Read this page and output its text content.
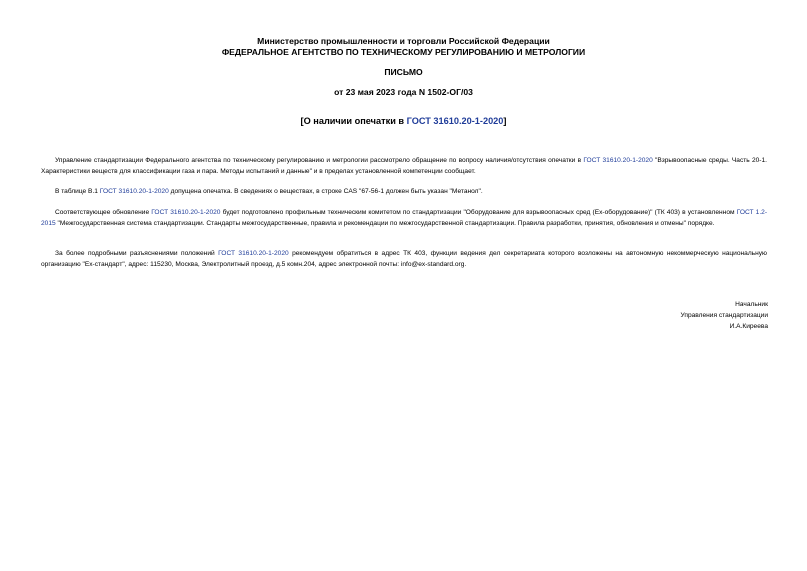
Министерство промышленности и торговли Российской Федерации
ФЕДЕРАЛЬНОЕ АГЕНТСТВО ПО ТЕХНИЧЕСКОМУ РЕГУЛИРОВАНИЮ И МЕТРОЛОГИИ
ПИСЬМО
от 23 мая 2023 года N 1502-ОГ/03
[О наличии опечатки в ГОСТ 31610.20-1-2020]

Управление стандартизации Федерального агентства по техническому регулированию и метрологии рассмотрело обращение по вопросу наличия/отсутствия опечатки в ГОСТ 31610.20-1-2020 "Взрывоопасные среды. Часть 20-1. Характеристики веществ для классификации газа и пара. Методы испытаний и данные" и в пределах установленной компетенции сообщает.

В таблице В.1 ГОСТ 31610.20-1-2020 допущена опечатка. В сведениях о веществах, в строке CAS "67-56-1 должен быть указан "Метанол".

Соответствующее обновление ГОСТ 31610.20-1-2020 будет подготовлено профильным техническим комитетом по стандартизации "Оборудование для взрывоопасных сред (Ex-оборудование)" (ТК 403) в установленном ГОСТ 1.2-2015 "Межгосударственная система стандартизации. Стандарты межгосударственные, правила и рекомендации по межгосударственной стандартизации. Правила разработки, принятия, обновления и отмены" порядке.

За более подробными разъяснениями положений ГОСТ 31610.20-1-2020 рекомендуем обратиться в адрес ТК 403, функции ведения дел секретариата которого возложены на автономную некоммерческую национальную организацию "Ex-стандарт", адрес: 115230, Москва, Электролитный проезд, д.5 комн.204, адрес электронной почты: info@ex-standard.org.

Начальник
Управления стандартизации
И.А.Киреева
